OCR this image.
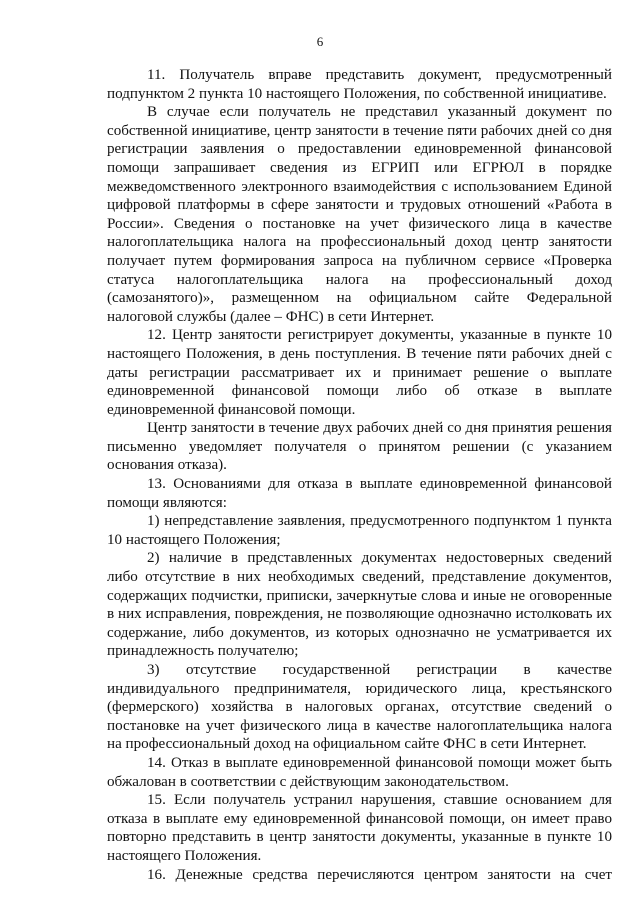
6

11. Получатель вправе представить документ, предусмотренный подпунктом 2 пункта 10 настоящего Положения, по собственной инициативе.

В случае если получатель не представил указанный документ по собственной инициативе, центр занятости в течение пяти рабочих дней со дня регистрации заявления о предоставлении единовременной финансовой помощи запрашивает сведения из ЕГРИП или ЕГРЮЛ в порядке межведомственного электронного взаимодействия с использованием Единой цифровой платформы в сфере занятости и трудовых отношений «Работа в России». Сведения о постановке на учет физического лица в качестве налогоплательщика налога на профессиональный доход центр занятости получает путем формирования запроса на публичном сервисе «Проверка статуса налогоплательщика налога на профессиональный доход (самозанятого)», размещенном на официальном сайте Федеральной налоговой службы (далее – ФНС) в сети Интернет.

12. Центр занятости регистрирует документы, указанные в пункте 10 настоящего Положения, в день поступления. В течение пяти рабочих дней с даты регистрации рассматривает их и принимает решение о выплате единовременной финансовой помощи либо об отказе в выплате единовременной финансовой помощи.

Центр занятости в течение двух рабочих дней со дня принятия решения письменно уведомляет получателя о принятом решении (с указанием основания отказа).

13. Основаниями для отказа в выплате единовременной финансовой помощи являются:

1) непредставление заявления, предусмотренного подпунктом 1 пункта 10 настоящего Положения;

2) наличие в представленных документах недостоверных сведений либо отсутствие в них необходимых сведений, представление документов, содержащих подчистки, приписки, зачеркнутые слова и иные не оговоренные в них исправления, повреждения, не позволяющие однозначно истолковать их содержание, либо документов, из которых однозначно не усматривается их принадлежность получателю;

3) отсутствие государственной регистрации в качестве индивидуального предпринимателя, юридического лица, крестьянского (фермерского) хозяйства в налоговых органах, отсутствие сведений о постановке на учет физического лица в качестве налогоплательщика налога на профессиональный доход на официальном сайте ФНС в сети Интернет.

14. Отказ в выплате единовременной финансовой помощи может быть обжалован в соответствии с действующим законодательством.

15. Если получатель устранил нарушения, ставшие основанием для отказа в выплате ему единовременной финансовой помощи, он имеет право повторно представить в центр занятости документы, указанные в пункте 10 настоящего Положения.

16. Денежные средства перечисляются центром занятости на счет
